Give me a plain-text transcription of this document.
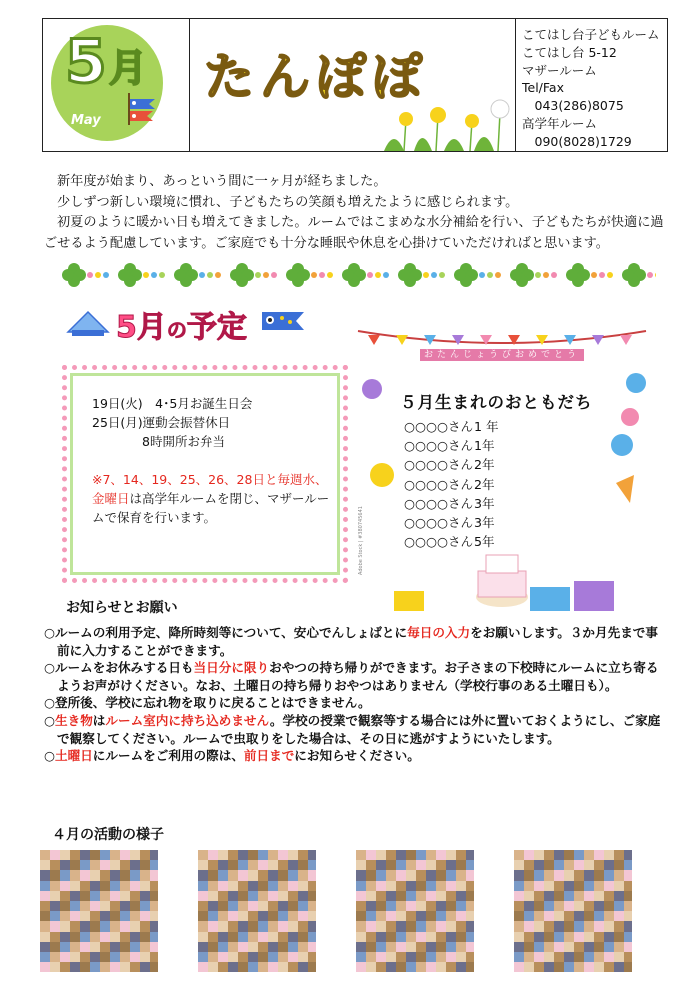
5 月
May
たんぽぽ
こてはし台子どもルーム
こてはし台 5-12
マザールーム
Tel/Fax
　043(286)8075
高学年ルーム
　090(8028)1729

新年度が始まり、あっという間に一ヶ月が経ちました。

少しずつ新しい環境に慣れ、子どもたちの笑顔も増えたように感じられます。

初夏のように暖かい日も増えてきました。ルームではこまめな水分補給を行い、子どもたちが快適に過ごせるよう配慮しています。ご家庭でも十分な睡眠や休息を心掛けていただければと思います。

5月の予定
19日(火)　4･5月お誕生日会
25日(月)運動会振替休日
　　　　8時開所お弁当
※7、14、19、25、26、28日と毎週水、金曜日は高学年ルームを閉じ、マザールームで保育を行います。	Adobe Stock | #380745641
５月生まれのおともだち
○○○○さん 1 年
○○○○さん 1年
○○○○さん 2年
○○○○さん 2年
○○○○さん 3年
○○○○さん 3年
○○○○さん 5年
おたんじょうびおめでとう
お知らせとお願い
○ルームの利用予定、降所時刻等について、安心でんしょばとに毎日の入力をお願いします。３か月先まで事前に入力することができます。
○ルームをお休みする日も当日分に限りおやつの持ち帰りができます。お子さまの下校時にルームに立ち寄るようお声がけください。なお、土曜日の持ち帰りおやつはありません（学校行事のある土曜日も）。
○登所後、学校に忘れ物を取りに戻ることはできません。
○生き物はルーム室内に持ち込めません。学校の授業で観察等する場合には外に置いておくようにし、ご家庭で観察してください。ルームで虫取りをした場合は、その日に逃がすようにいたします。
○土曜日にルームをご利用の際は、前日までにお知らせください。
４月の活動の様子
